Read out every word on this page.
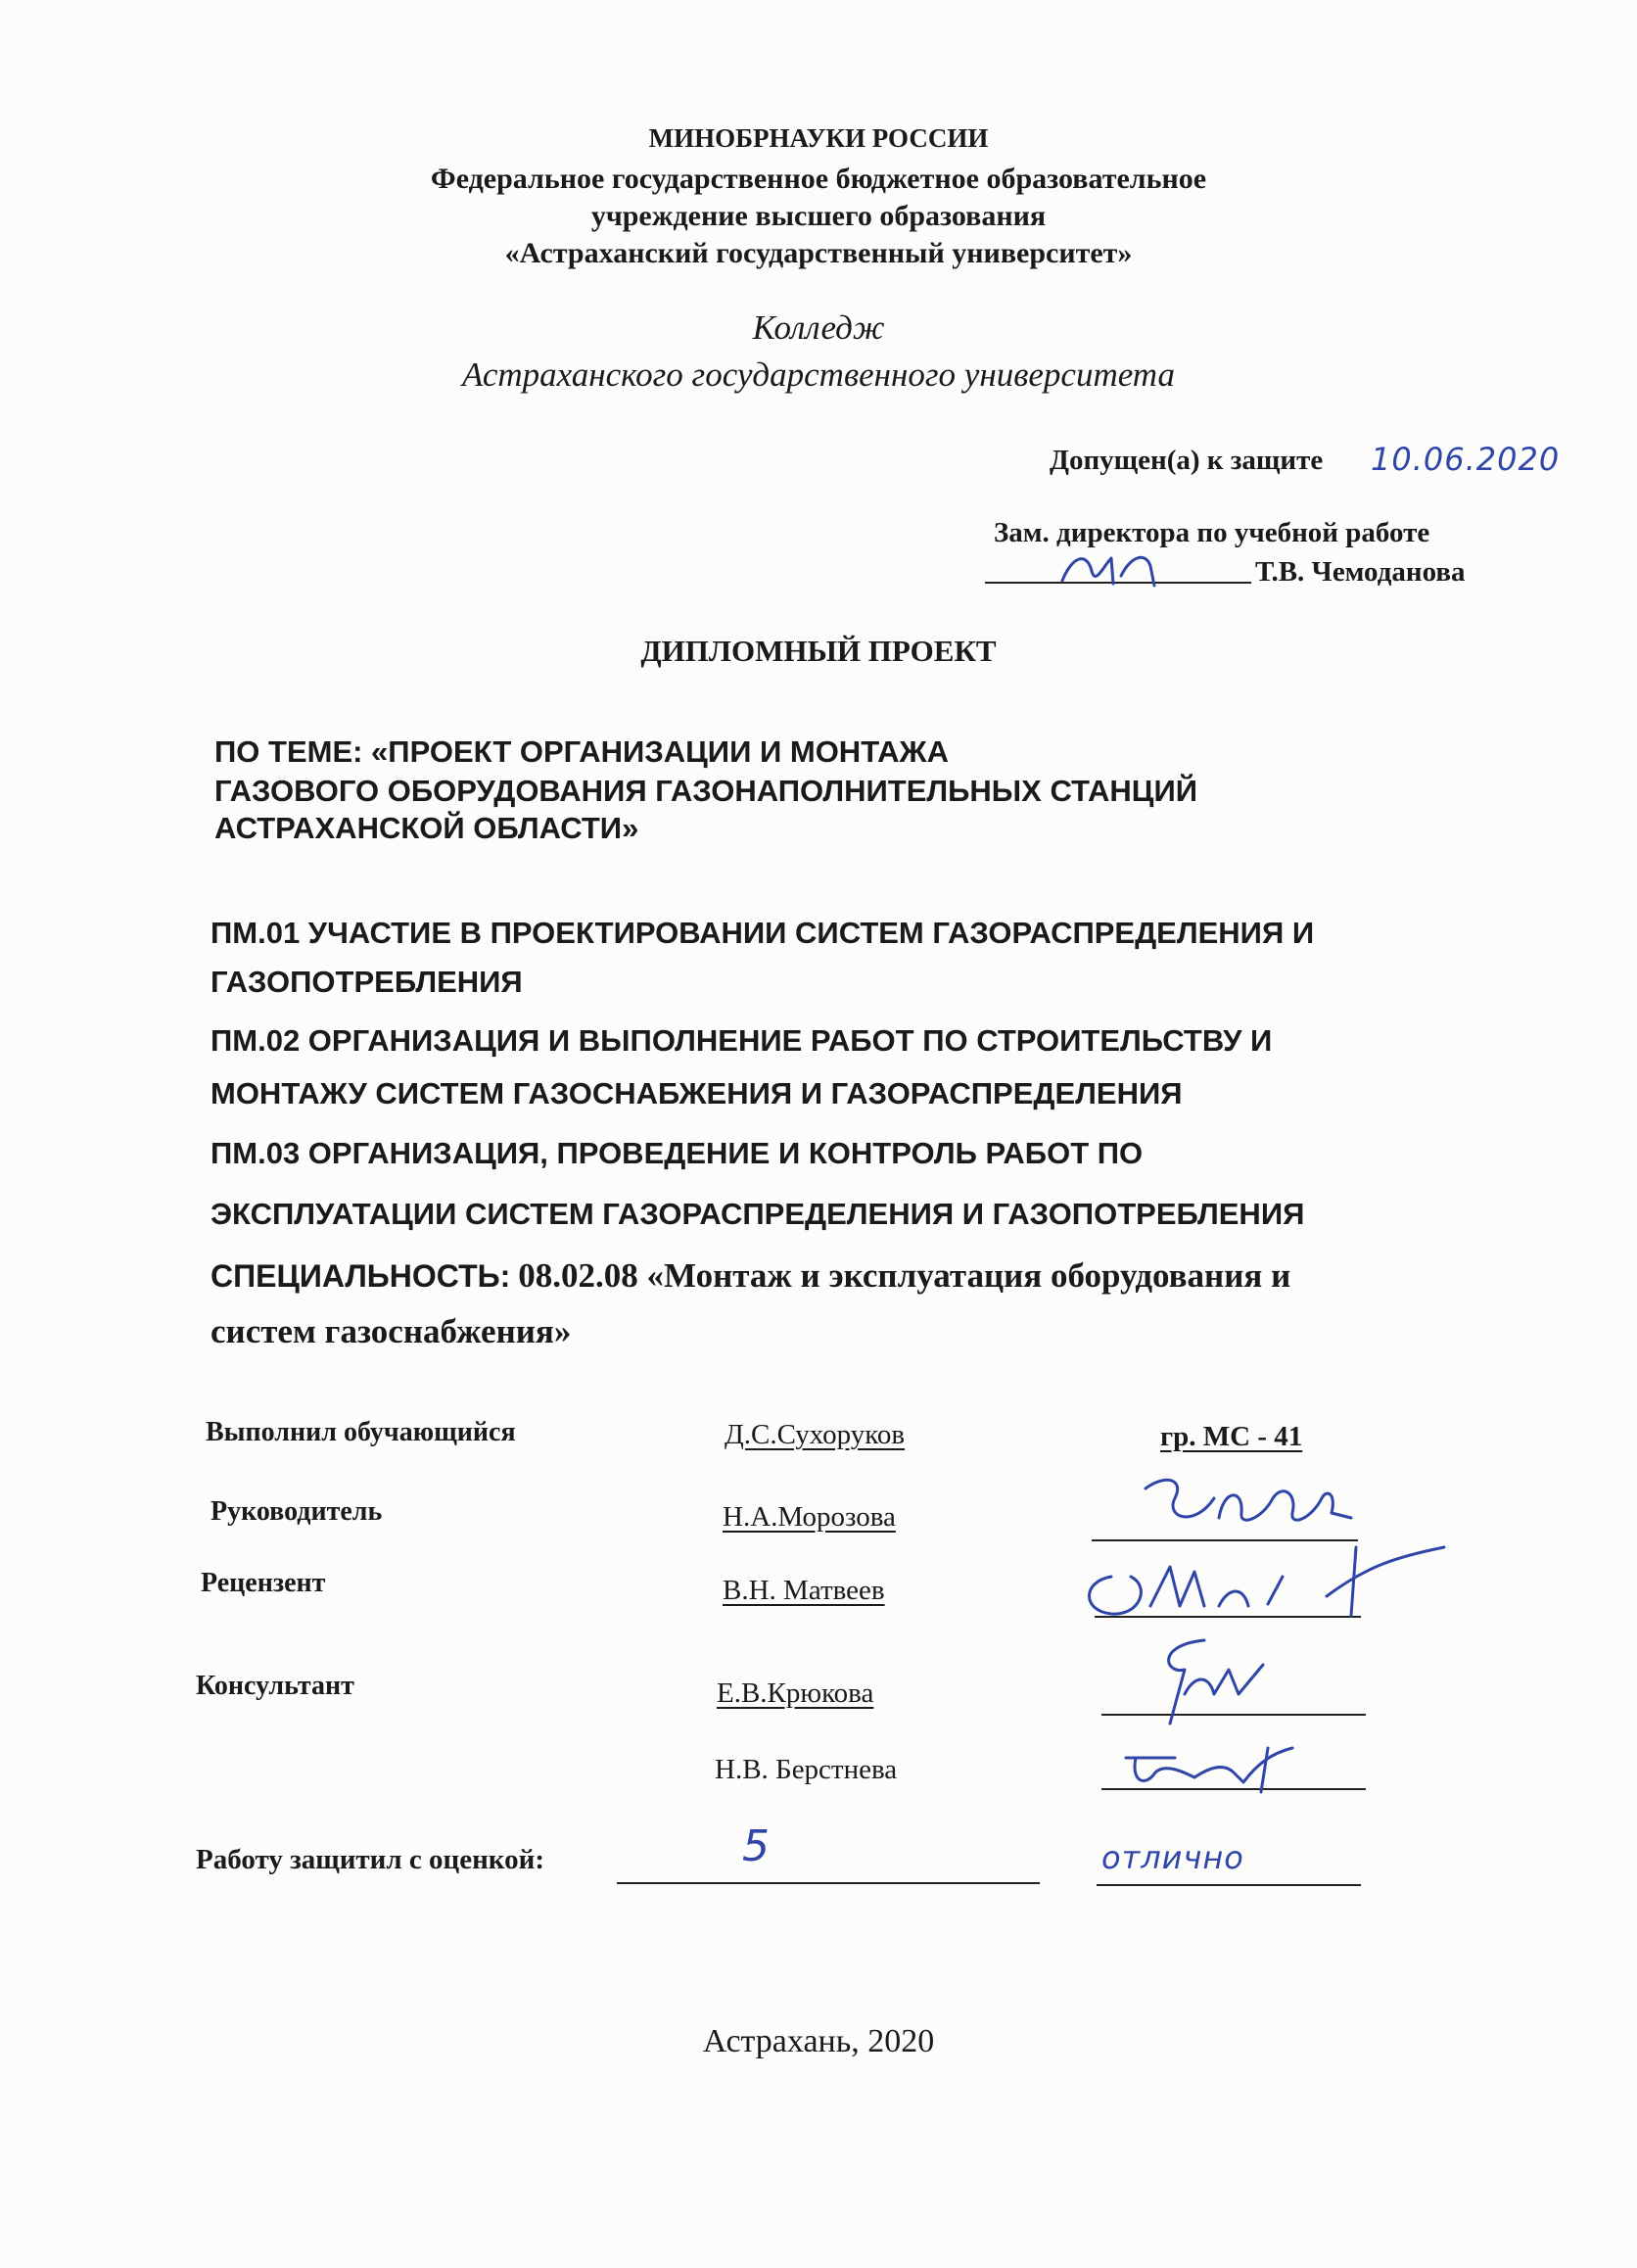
МИНОБРНАУКИ РОССИИ
Федеральное государственное бюджетное образовательное
учреждение высшего образования
«Астраханский государственный университет»
Колледж
Астраханского государственного университета
Допущен(а) к защите 10.06.2020
Зам. директора по учебной работе
Т.В. Чемоданова
ДИПЛОМНЫЙ ПРОЕКТ
ПО ТЕМЕ: «ПРОЕКТ ОРГАНИЗАЦИИ И МОНТАЖА
ГАЗОВОГО ОБОРУДОВАНИЯ ГАЗОНАПОЛНИТЕЛЬНЫХ СТАНЦИЙ
АСТРАХАНСКОЙ ОБЛАСТИ»
ПМ.01 УЧАСТИЕ В ПРОЕКТИРОВАНИИ СИСТЕМ ГАЗОРАСПРЕДЕЛЕНИЯ И
ГАЗОПОТРЕБЛЕНИЯ
ПМ.02 ОРГАНИЗАЦИЯ И ВЫПОЛНЕНИЕ РАБОТ ПО СТРОИТЕЛЬСТВУ И
МОНТАЖУ СИСТЕМ ГАЗОСНАБЖЕНИЯ И ГАЗОРАСПРЕДЕЛЕНИЯ
ПМ.03 ОРГАНИЗАЦИЯ, ПРОВЕДЕНИЕ И КОНТРОЛЬ РАБОТ ПО
ЭКСПЛУАТАЦИИ СИСТЕМ ГАЗОРАСПРЕДЕЛЕНИЯ И ГАЗОПОТРЕБЛЕНИЯ
СПЕЦИАЛЬНОСТЬ: 08.02.08 «Монтаж и эксплуатация оборудования и
систем газоснабжения»
Выполнил обучающийся	Д.С.Сухоруков	гр. МС - 41
Руководитель	Н.А.Морозова
Рецензент	В.Н. Матвеев
Консультант	Е.В.Крюкова
Н.В. Берстнева
Работу защитил с оценкой:	5	отлично
Астрахань, 2020
